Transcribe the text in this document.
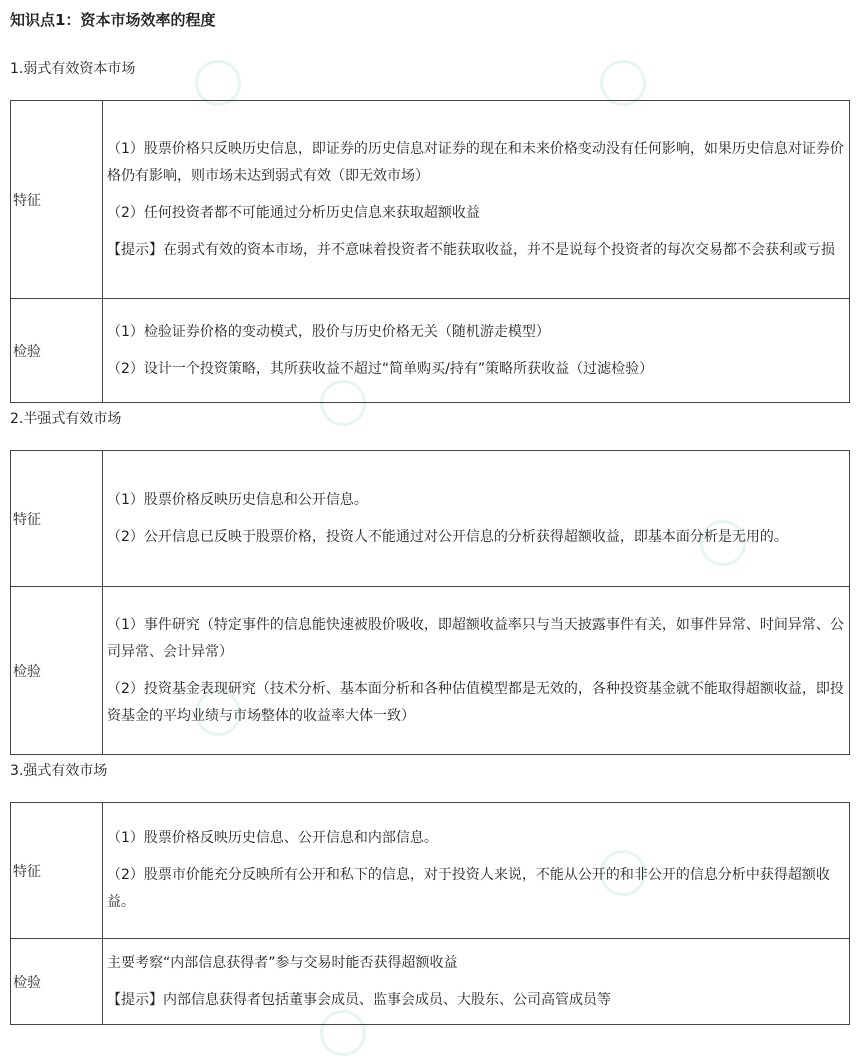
知识点1：资本市场效率的程度
1.弱式有效资本市场
特征	（1）股票价格只反映历史信息，即证券的历史信息对证券的现在和未来价格变动没有任何影响，如果历史信息对证券价格仍有影响，则市场未达到弱式有效（即无效市场）

（2）任何投资者都不可能通过分析历史信息来获取超额收益

【提示】在弱式有效的资本市场，并不意味着投资者不能获取收益，并不是说每个投资者的每次交易都不会获利或亏损

检验	（1）检验证券价格的变动模式，股价与历史价格无关（随机游走模型）

（2）设计一个投资策略，其所获收益不超过“简单购买/持有”策略所获收益（过滤检验）

2.半强式有效市场
特征	（1）股票价格反映历史信息和公开信息。

（2）公开信息已反映于股票价格，投资人不能通过对公开信息的分析获得超额收益，即基本面分析是无用的。

检验	（1）事件研究（特定事件的信息能快速被股价吸收，即超额收益率只与当天披露事件有关，如事件异常、时间异常、公司异常、会计异常）

（2）投资基金表现研究（技术分析、基本面分析和各种估值模型都是无效的，各种投资基金就不能取得超额收益，即投资基金的平均业绩与市场整体的收益率大体一致）

3.强式有效市场
特征	（1）股票价格反映历史信息、公开信息和内部信息。

（2）股票市价能充分反映所有公开和私下的信息，对于投资人来说，不能从公开的和非公开的信息分析中获得超额收益。

检验	主要考察“内部信息获得者”参与交易时能否获得超额收益

【提示】内部信息获得者包括董事会成员、监事会成员、大股东、公司高管成员等
